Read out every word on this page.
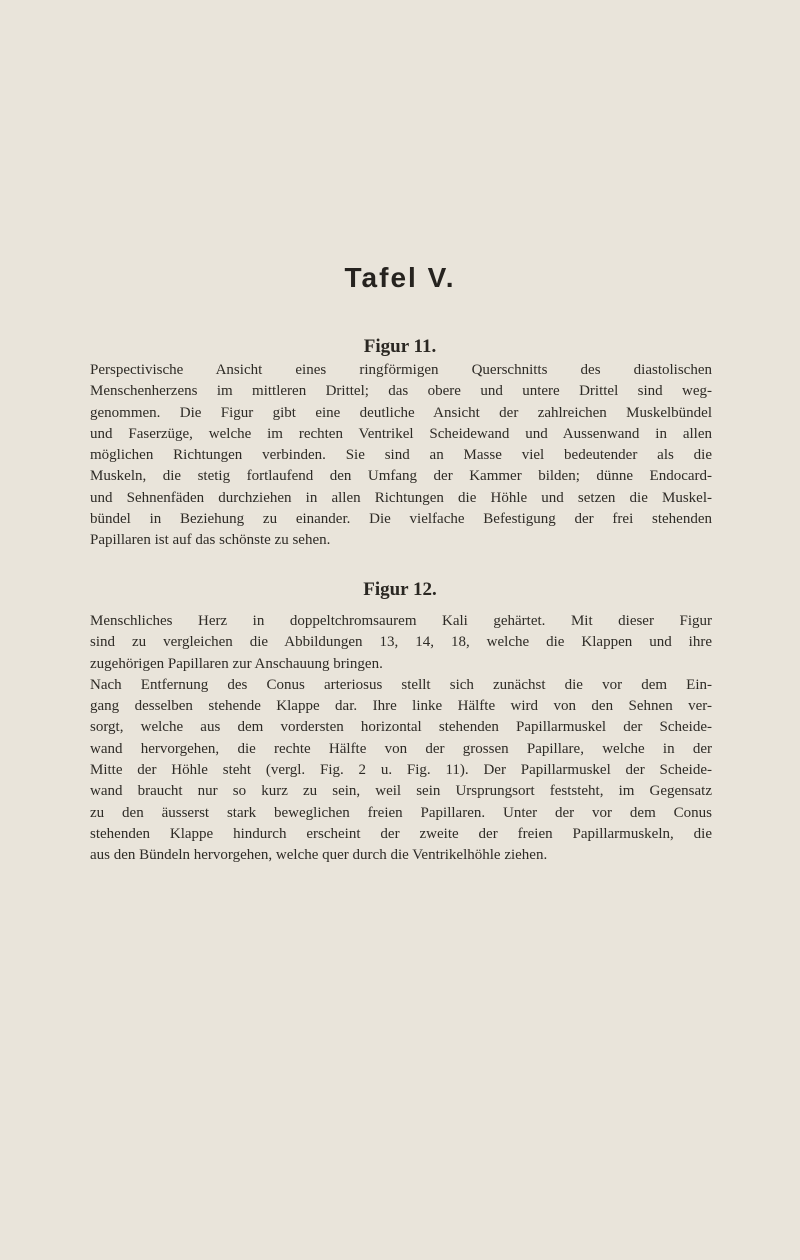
Tafel V.
Figur 11.
Perspectivische Ansicht eines ringförmigen Querschnitts des diastolischen
Menschenherzens im mittleren Drittel; das obere und untere Drittel sind weg-
genommen. Die Figur gibt eine deutliche Ansicht der zahlreichen Muskelbündel
und Faserzüge, welche im rechten Ventrikel Scheidewand und Aussenwand in allen
möglichen Richtungen verbinden. Sie sind an Masse viel bedeutender als die
Muskeln, die stetig fortlaufend den Umfang der Kammer bilden; dünne Endocard-
und Sehnenfäden durchziehen in allen Richtungen die Höhle und setzen die Muskel-
bündel in Beziehung zu einander. Die vielfache Befestigung der frei stehenden
Papillaren ist auf das schönste zu sehen.
Figur 12.
Menschliches Herz in doppeltchromsaurem Kali gehärtet. Mit dieser Figur
sind zu vergleichen die Abbildungen 13, 14, 18, welche die Klappen und ihre
zugehörigen Papillaren zur Anschauung bringen.
Nach Entfernung des Conus arteriosus stellt sich zunächst die vor dem Ein-
gang desselben stehende Klappe dar. Ihre linke Hälfte wird von den Sehnen ver-
sorgt, welche aus dem vordersten horizontal stehenden Papillarmuskel der Scheide-
wand hervorgehen, die rechte Hälfte von der grossen Papillare, welche in der
Mitte der Höhle steht (vergl. Fig. 2 u. Fig. 11). Der Papillarmuskel der Scheide-
wand braucht nur so kurz zu sein, weil sein Ursprungsort feststeht, im Gegensatz
zu den äusserst stark beweglichen freien Papillaren. Unter der vor dem Conus
stehenden Klappe hindurch erscheint der zweite der freien Papillarmuskeln, die
aus den Bündeln hervorgehen, welche quer durch die Ventrikelhöhle ziehen.
